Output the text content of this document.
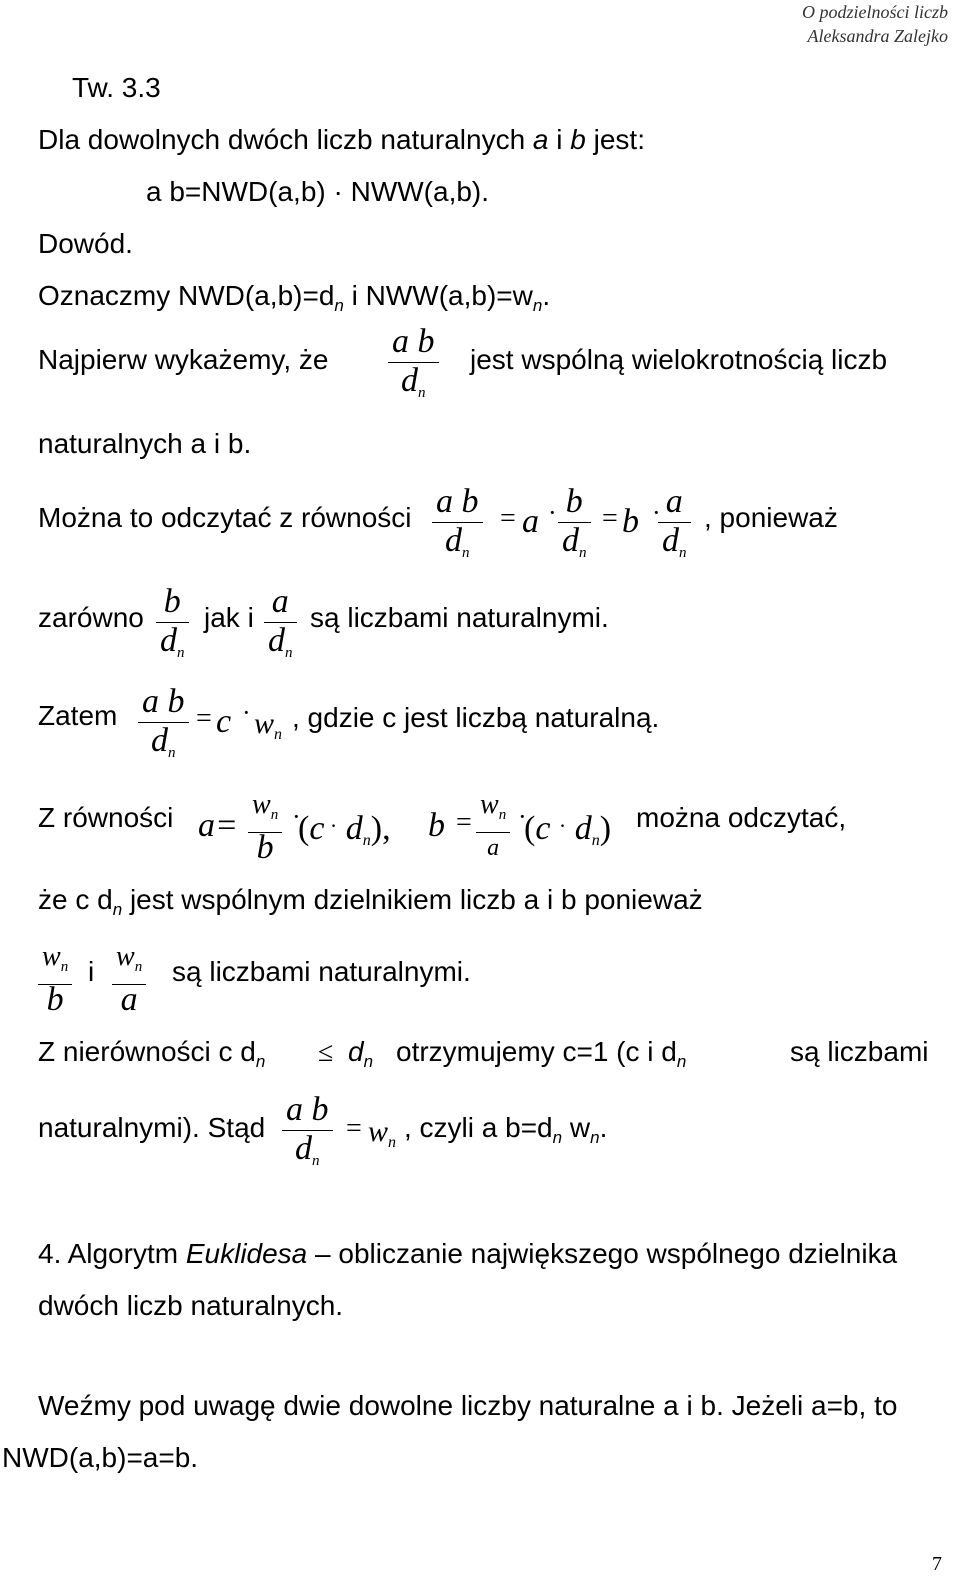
O podzielności liczb
Aleksandra Zalejko
Tw. 3.3
Dla dowolnych dwóch liczb naturalnych a i b jest:
a b=NWD(a,b) · NWW(a,b).
Dowód.
Oznaczmy $NWD(a,b)=d_n$ i $NWW(a,b)=w_n$.
Najpierw wykażemy, że a b
dn
jest wspólną wielokrotnością liczb
naturalnych a i b.
Można to odczytać z równości a b
dn
= a · b
dn
= b · a
dn
, ponieważ
zarówno b
dn
jak i a
dn
są liczbami naturalnymi.
Zatem a b
dn
= $c \cdot w_n$
, gdzie c jest liczbą naturalną.
Z równości a=
$w_n$
b
·
(c · dn), b =
$w_n$
a
·
(c · dn) można odczytać,
że c $d_n$ jest wspólnym dzielnikiem liczb a i b ponieważ
$w_n$
b
i $w_n$
a
są liczbami naturalnymi.
Z nierówności c $d_n \le d_n$ otrzymujemy c=1 (c i $d_n$	są liczbami
naturalnymi). Stąd a b
dn
= $w_n$ , czyli a $b=d_n$ $w_n$.
4. Algorytm Euklidesa – obliczanie największego wspólnego dzielnika
dwóch liczb naturalnych.
Weźmy pod uwagę dwie dowolne liczby naturalne a i b. Jeżeli a=b, to
NWD(a,b)=a=b.
7
